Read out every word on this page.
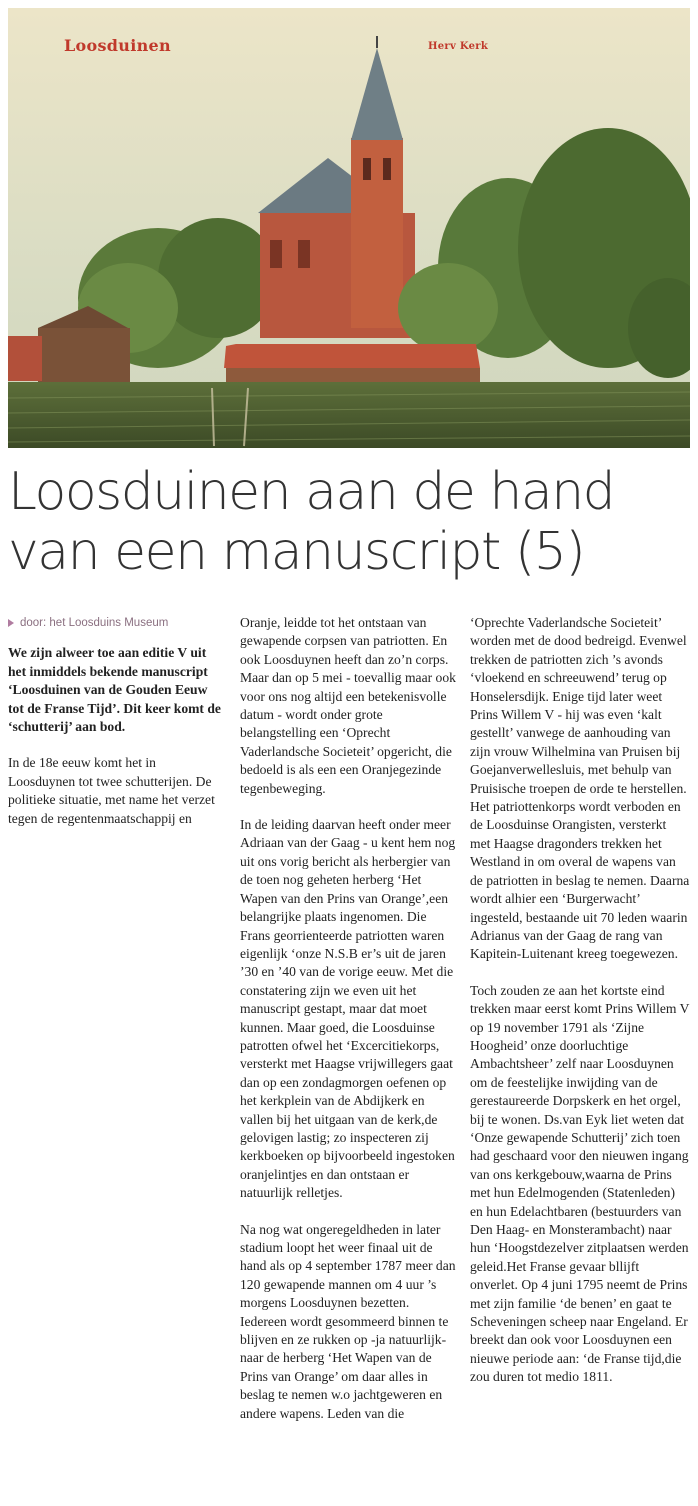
Loosduinen	Herv Kerk
Loosduinen aan de hand van een manuscript (5)
door: het Loosduins Museum

We zijn alweer toe aan editie V uit het inmiddels bekende manuscript ‘Loosduinen van de Gouden Eeuw tot de Franse Tijd’. Dit keer komt de ‘schutterij’ aan bod.

In de 18e eeuw komt het in Loosduynen tot twee schutterijen. De politieke situatie, met name het verzet tegen de regentenmaatschappij en

Oranje, leidde tot het ontstaan van gewapende corpsen van patriotten. En ook Loosduynen heeft dan zo’n corps. Maar dan op 5 mei - toevallig maar ook voor ons nog altijd een betekenisvolle datum - wordt onder grote belangstelling een ‘Oprecht Vaderlandsche Societeit’ opgericht, die bedoeld is als een een Oranjegezinde tegenbeweging.

In de leiding daarvan heeft onder meer Adriaan van der Gaag - u kent hem nog uit ons vorig bericht als herbergier van de toen nog geheten herberg ‘Het Wapen van den Prins van Orange’,een belangrijke plaats ingenomen. Die Frans georrienteerde patriotten waren eigenlijk ‘onze N.S.B er’s uit de jaren ’30 en ’40 van de vorige eeuw. Met die constatering zijn we even uit het manuscript gestapt, maar dat moet kunnen. Maar goed, die Loosduinse patrotten ofwel het ‘Excercitiekorps, versterkt met Haagse vrijwillegers gaat dan op een zondagmorgen oefenen op het kerkplein van de Abdijkerk en vallen bij het uitgaan van de kerk,de gelovigen lastig; zo inspecteren zij kerkboeken op bijvoorbeeld ingestoken oranjelintjes en dan ontstaan er natuurlijk relletjes.

Na nog wat ongeregeldheden in later stadium loopt het weer finaal uit de hand als op 4 september 1787 meer dan 120 gewapende mannen om 4 uur ’s morgens Loosduynen bezetten. Iedereen wordt gesommeerd binnen te blijven en ze rukken op -ja natuurlijk- naar de herberg ‘Het Wapen van de Prins van Orange’ om daar alles in beslag te nemen w.o jachtgeweren en andere wapens. Leden van die

‘Oprechte Vaderlandsche Societeit’ worden met de dood bedreigd. Evenwel trekken de patriotten zich ’s avonds ‘vloekend en schreeuwend’ terug op Honselersdijk. Enige tijd later weet Prins Willem V - hij was even ‘kalt gestellt’ vanwege de aanhouding van zijn vrouw Wilhelmina van Pruisen bij Goejanverwellesluis, met behulp van Pruisische troepen de orde te herstellen. Het patriottenkorps wordt verboden en de Loosduinse Orangisten, versterkt met Haagse dragonders trekken het Westland in om overal de wapens van de patriotten in beslag te nemen. Daarna wordt alhier een ‘Burgerwacht’ ingesteld, bestaande uit 70 leden waarin Adrianus van der Gaag de rang van Kapitein-Luitenant kreeg toegewezen.

Toch zouden ze aan het kortste eind trekken maar eerst komt Prins Willem V op 19 november 1791 als ‘Zijne Hoogheid’ onze doorluchtige Ambachtsheer’ zelf naar Loosduynen om de feestelijke inwijding van de gerestaureerde Dorpskerk en het orgel, bij te wonen. Ds.van Eyk liet weten dat ‘Onze gewapende Schutterij’ zich toen had geschaard voor den nieuwen ingang van ons kerkgebouw,waarna de Prins met hun Edelmogenden (Statenleden) en hun Edelachtbaren (bestuurders van Den Haag- en Monsterambacht) naar hun ‘Hoogstdezelver zitplaatsen werden geleid.Het Franse gevaar bllijft onverlet. Op 4 juni 1795 neemt de Prins met zijn familie ‘de benen’ en gaat te Scheveningen scheep naar Engeland. Er breekt dan ook voor Loosduynen een nieuwe periode aan: ‘de Franse tijd,die zou duren tot medio 1811.
